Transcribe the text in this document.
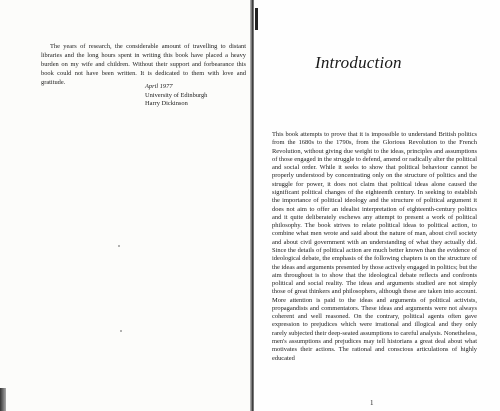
The years of research, the considerable amount of travelling to distant libraries and the long hours spent in writing this book have placed a heavy burden on my wife and children. Without their support and forbearance this book could not have been written. It is dedicated to them with love and gratitude.

April 1977
University of Edinburgh
Harry Dickinson
Introduction

This book attempts to prove that it is impossible to understand British politics from the 1680s to the 1790s, from the Glorious Revolution to the French Revolution, without giving due weight to the ideas, principles and assumptions of those engaged in the struggle to defend, amend or radically alter the political and social order. While it seeks to show that political behaviour cannot be properly understood by concentrating only on the structure of politics and the struggle for power, it does not claim that political ideas alone caused the significant political changes of the eighteenth century. In seeking to establish the importance of political ideology and the structure of political argument it does not aim to offer an idealist interpretation of eighteenth-century politics and it quite deliberately eschews any attempt to present a work of political philosophy. The book strives to relate political ideas to political action, to combine what men wrote and said about the nature of man, about civil society and about civil government with an understanding of what they actually did. Since the details of political action are much better known than the evidence of ideological debate, the emphasis of the following chapters is on the structure of the ideas and arguments presented by those actively engaged in politics; but the aim throughout is to show that the ideological debate reflects and confronts political and social reality. The ideas and arguments studied are not simply those of great thinkers and philosophers, although these are taken into account. More attention is paid to the ideas and arguments of political activists, propagandists and commentators. These ideas and arguments were not always coherent and well reasoned. On the contrary, political agents often gave expression to prejudices which were irrational and illogical and they only rarely subjected their deep-seated assumptions to careful analysis. Nonetheless, men's assumptions and prejudices may tell historians a great deal about what motivates their actions. The rational and conscious articulations of highly educated

1
